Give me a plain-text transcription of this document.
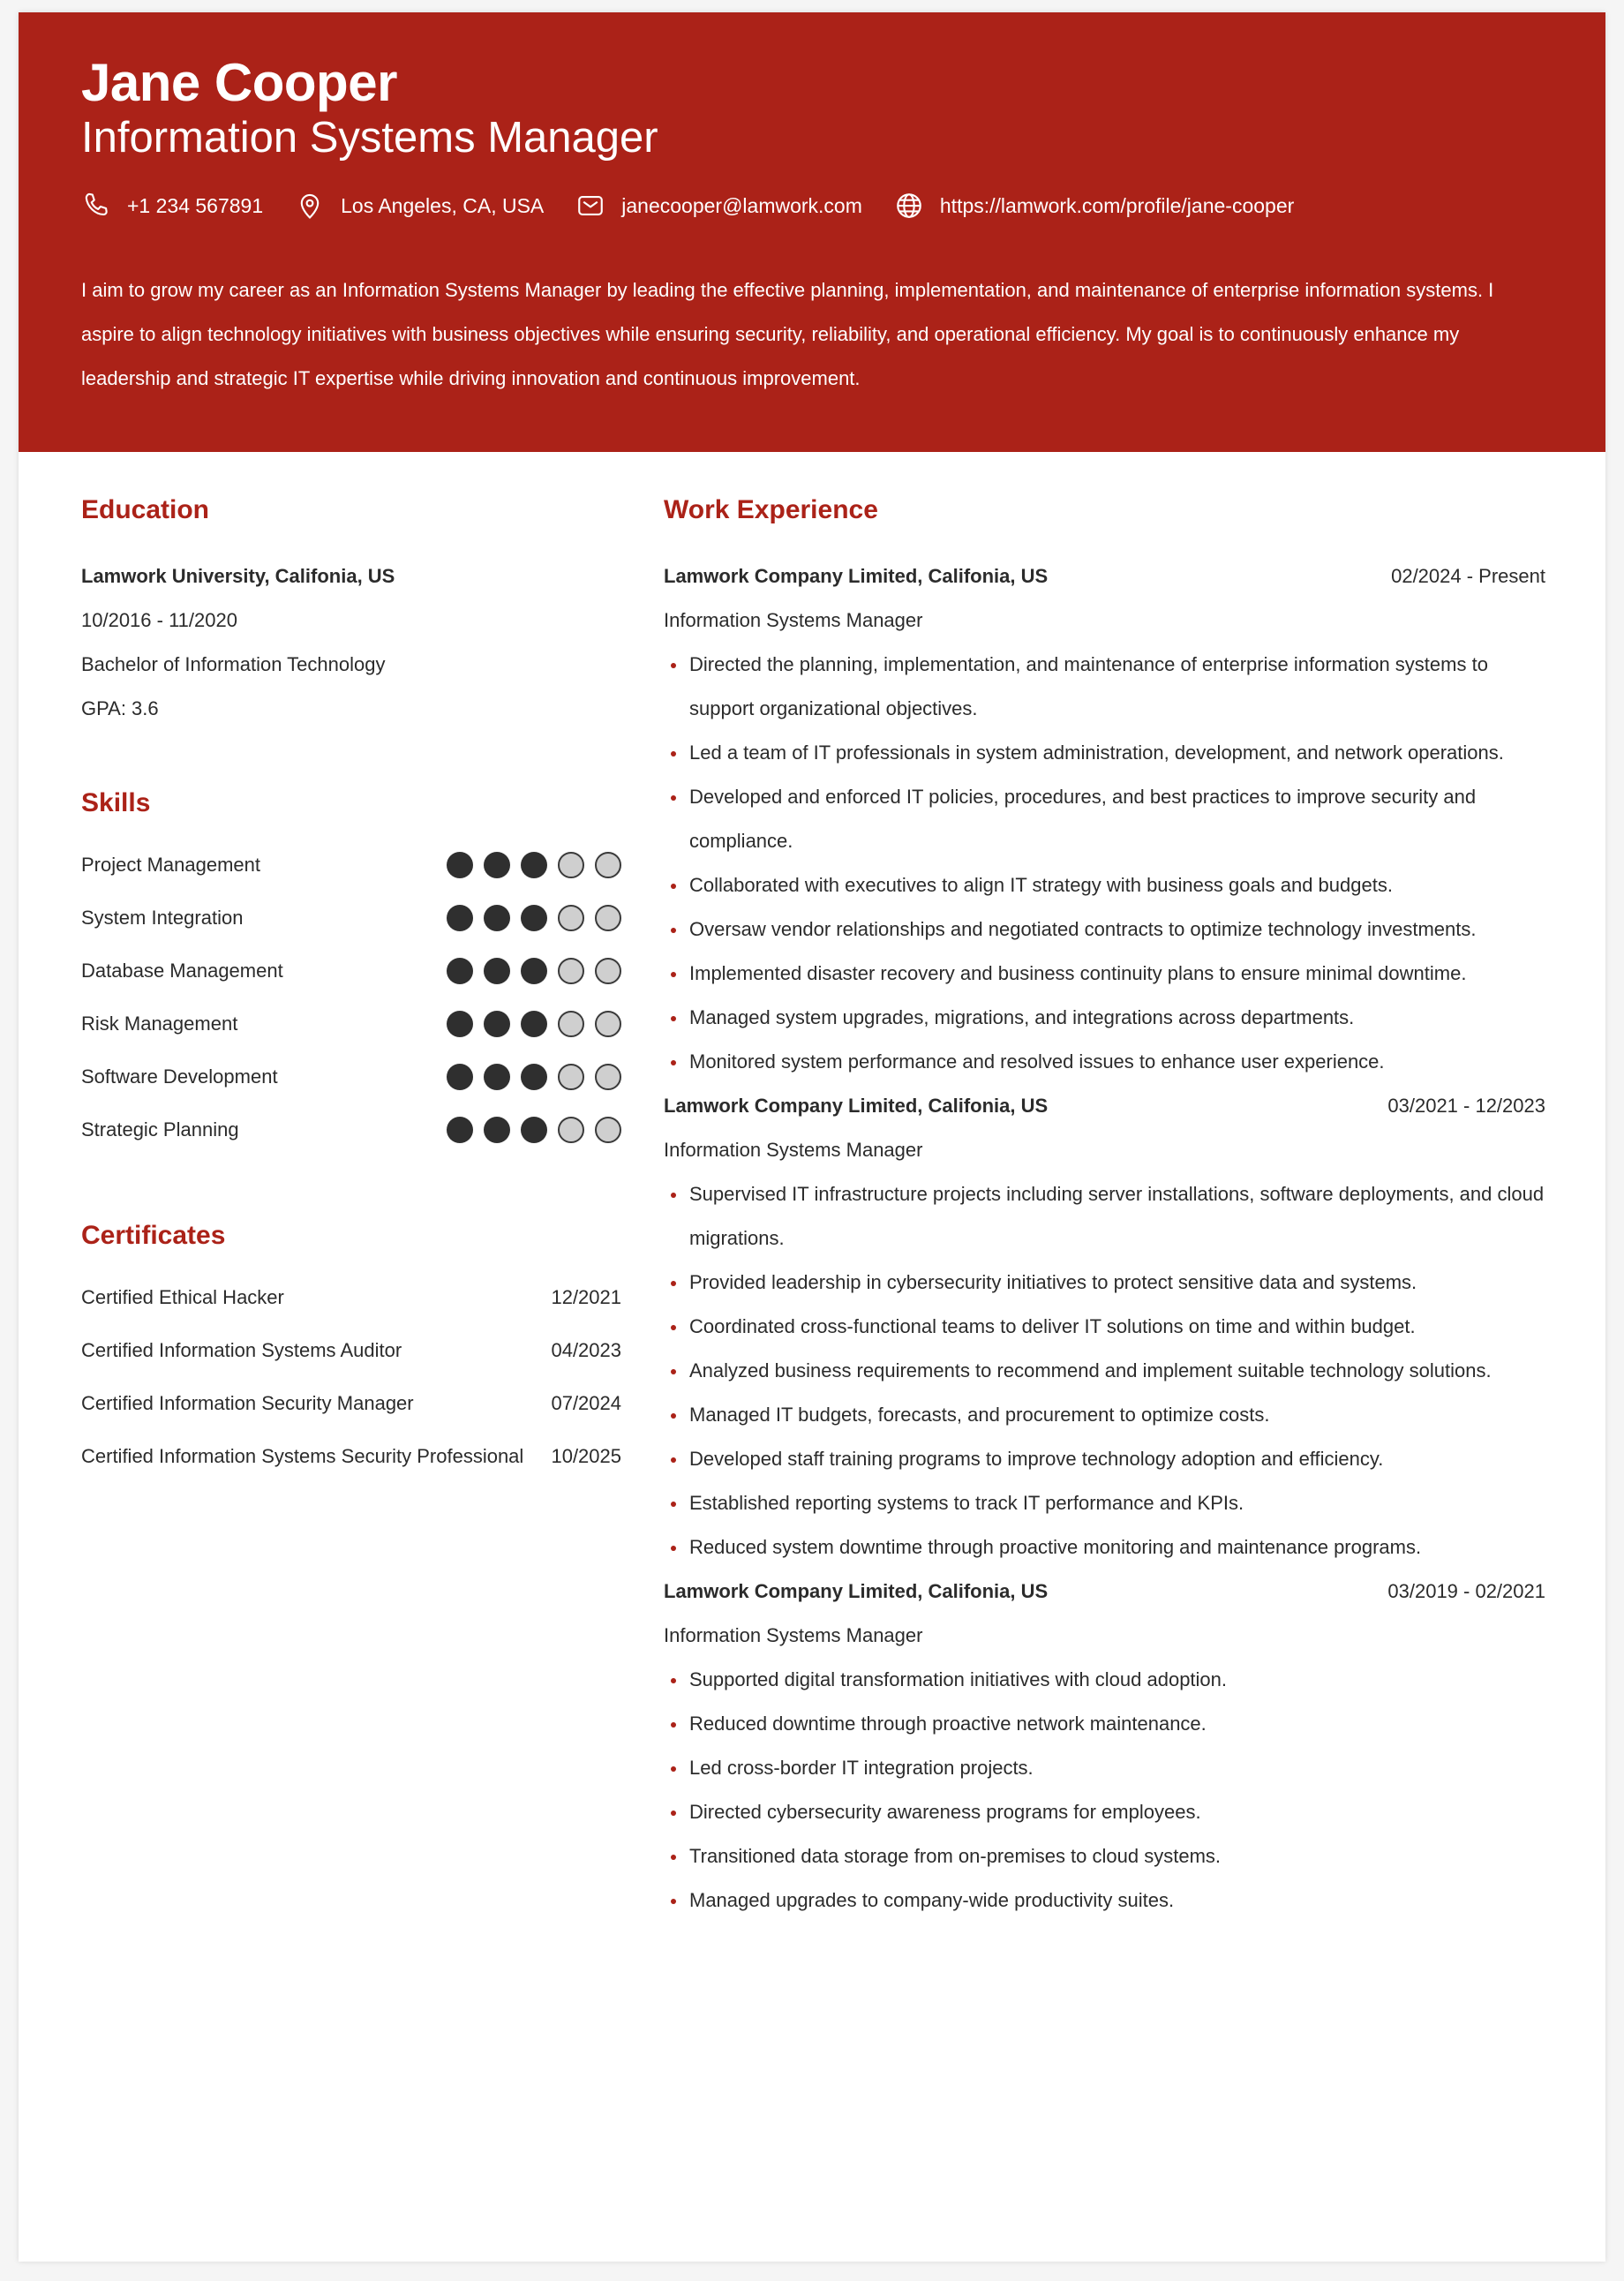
Jane Cooper
Information Systems Manager
+1 234 567891	Los Angeles, CA, USA	janecooper@lamwork.com	https://lamwork.com/profile/jane-cooper

I aim to grow my career as an Information Systems Manager by leading the effective planning, implementation, and maintenance of enterprise information systems. I aspire to align technology initiatives with business objectives while ensuring security, reliability, and operational efficiency. My goal is to continuously enhance my leadership and strategic IT expertise while driving innovation and continuous improvement.

Education
Lamwork University, Califonia, US
10/2016 - 11/2020
Bachelor of Information Technology
GPA: 3.6
Skills
Project Management
System Integration
Database Management
Risk Management
Software Development
Strategic Planning
Certificates
Certified Ethical Hacker	12/2021
Certified Information Systems Auditor	04/2023
Certified Information Security Manager	07/2024
Certified Information Systems Security Professional 10/2025
Work Experience
Lamwork Company Limited, Califonia, US	02/2024 - Present
Information Systems Manager
Directed the planning, implementation, and maintenance of enterprise information systems to support organizational objectives.
Led a team of IT professionals in system administration, development, and network operations.
Developed and enforced IT policies, procedures, and best practices to improve security and compliance.
Collaborated with executives to align IT strategy with business goals and budgets.
Oversaw vendor relationships and negotiated contracts to optimize technology investments.
Implemented disaster recovery and business continuity plans to ensure minimal downtime.
Managed system upgrades, migrations, and integrations across departments.
Monitored system performance and resolved issues to enhance user experience.
Lamwork Company Limited, Califonia, US	03/2021 - 12/2023
Information Systems Manager
Supervised IT infrastructure projects including server installations, software deployments, and cloud migrations.
Provided leadership in cybersecurity initiatives to protect sensitive data and systems.
Coordinated cross-functional teams to deliver IT solutions on time and within budget.
Analyzed business requirements to recommend and implement suitable technology solutions.
Managed IT budgets, forecasts, and procurement to optimize costs.
Developed staff training programs to improve technology adoption and efficiency.
Established reporting systems to track IT performance and KPIs.
Reduced system downtime through proactive monitoring and maintenance programs.
Lamwork Company Limited, Califonia, US	03/2019 - 02/2021
Information Systems Manager
Supported digital transformation initiatives with cloud adoption.
Reduced downtime through proactive network maintenance.
Led cross-border IT integration projects.
Directed cybersecurity awareness programs for employees.
Transitioned data storage from on-premises to cloud systems.
Managed upgrades to company-wide productivity suites.
